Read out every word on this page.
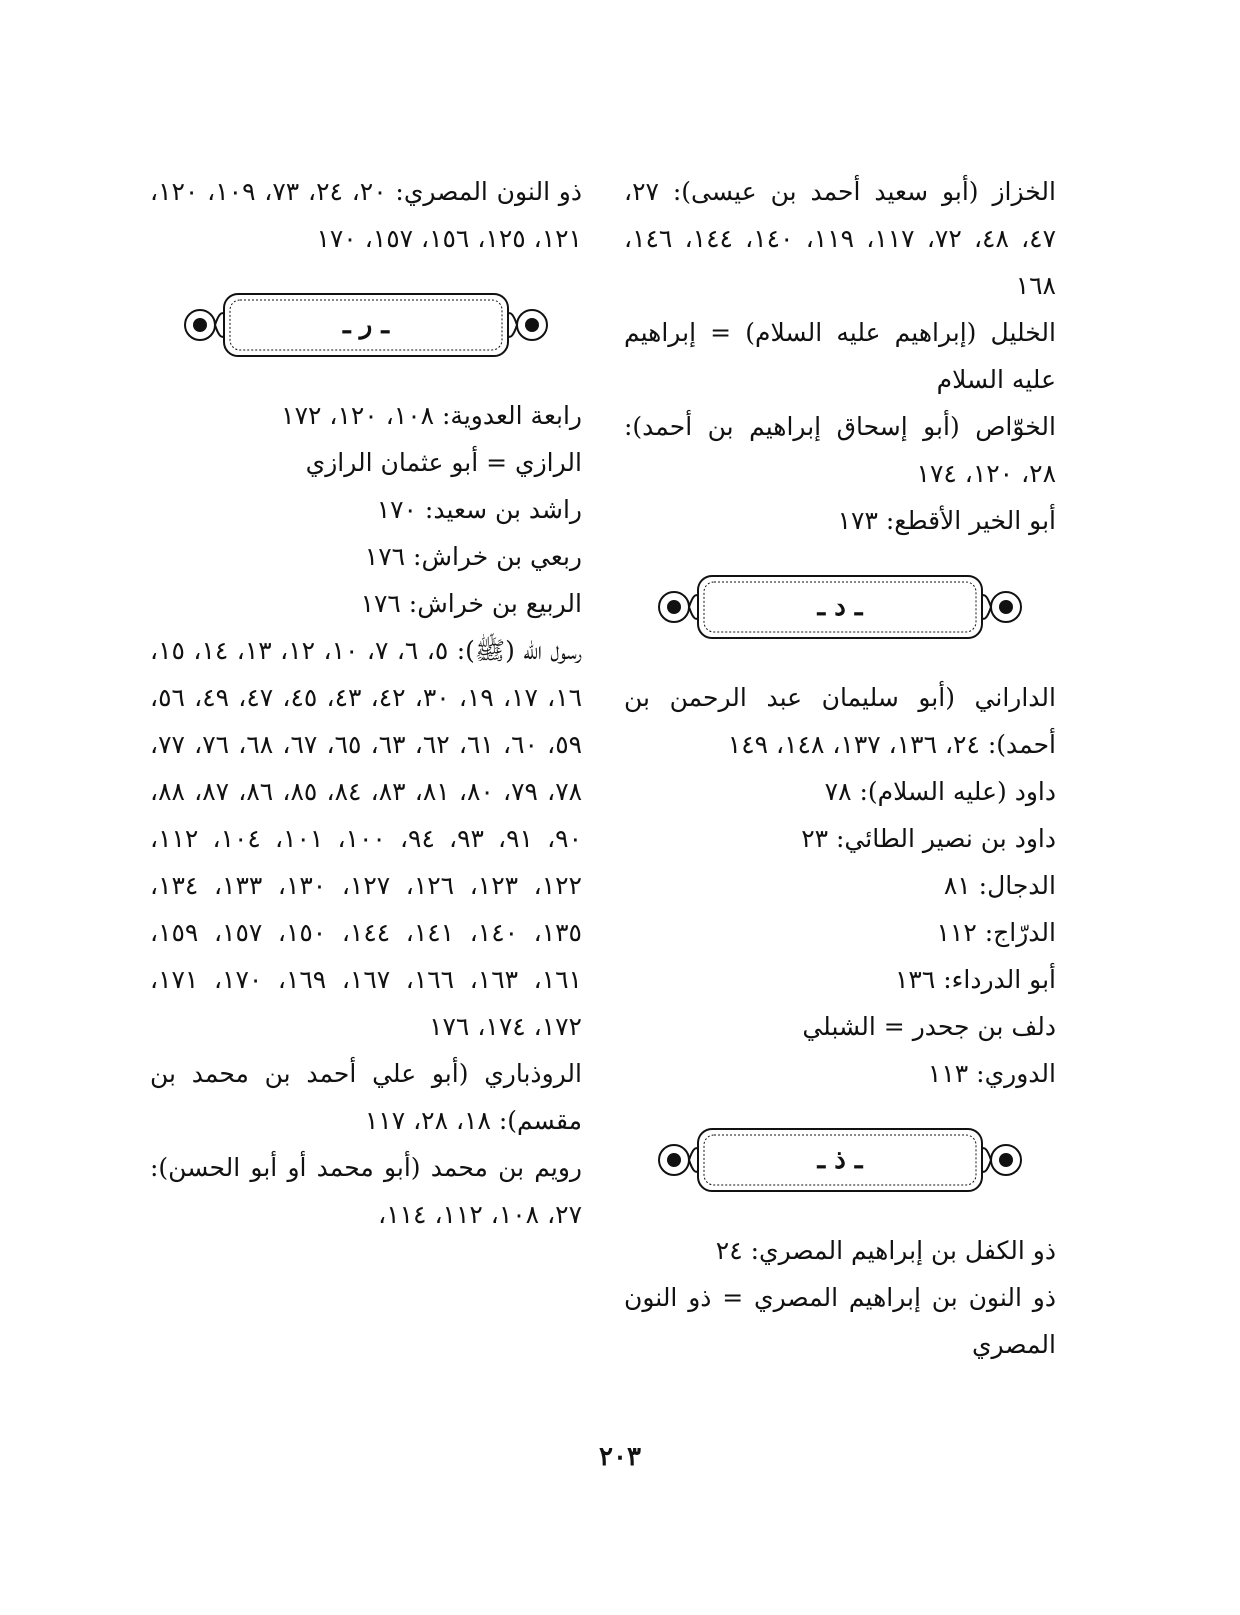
الخزاز (أبو سعيد أحمد بن عيسى): ٢٧، ٤٧، ٤٨، ٧٢، ١١٧، ١١٩، ١٤٠، ١٤٤، ١٤٦، ١٦٨

الخليل (إبراهيم عليه السلام) = إبراهيم عليه السلام

الخوّاص (أبو إسحاق إبراهيم بن أحمد): ٢٨، ١٢٠، ١٧٤

أبو الخير الأقطع: ١٧٣

ـ د ـ

الداراني (أبو سليمان عبد الرحمن بن أحمد): ٢٤، ١٣٦، ١٣٧، ١٤٨، ١٤٩

داود (عليه السلام): ٧٨

داود بن نصير الطائي: ٢٣

الدجال: ٨١

الدرّاج: ١١٢

أبو الدرداء: ١٣٦

دلف بن جحدر = الشبلي

الدوري: ١١٣

ـ ذ ـ

ذو الكفل بن إبراهيم المصري: ٢٤

ذو النون بن إبراهيم المصري = ذو النون المصري

ذو النون المصري: ٢٠، ٢٤، ٧٣، ١٠٩، ١٢٠، ١٢١، ١٢٥، ١٥٦، ١٥٧، ١٧٠

ـ ر ـ

رابعة العدوية: ١٠٨، ١٢٠، ١٧٢

الرازي = أبو عثمان الرازي

راشد بن سعيد: ١٧٠

ربعي بن خراش: ١٧٦

الربيع بن خراش: ١٧٦

رسول الله (ﷺ): ٥، ٦، ٧، ١٠، ١٢، ١٣، ١٤، ١٥، ١٦، ١٧، ١٩، ٣٠، ٤٢، ٤٣، ٤٥، ٤٧، ٤٩، ٥٦، ٥٩، ٦٠، ٦١، ٦٢، ٦٣، ٦٥، ٦٧، ٦٨، ٧٦، ٧٧، ٧٨، ٧٩، ٨٠، ٨١، ٨٣، ٨٤، ٨٥، ٨٦، ٨٧، ٨٨، ٩٠، ٩١، ٩٣، ٩٤، ١٠٠، ١٠١، ١٠٤، ١١٢، ١٢٢، ١٢٣، ١٢٦، ١٢٧، ١٣٠، ١٣٣، ١٣٤، ١٣٥، ١٤٠، ١٤١، ١٤٤، ١٥٠، ١٥٧، ١٥٩، ١٦١، ١٦٣، ١٦٦، ١٦٧، ١٦٩، ١٧٠، ١٧١، ١٧٢، ١٧٤، ١٧٦

الروذباري (أبو علي أحمد بن محمد بن مقسم): ١٨، ٢٨، ١١٧

رويم بن محمد (أبو محمد أو أبو الحسن): ٢٧، ١٠٨، ١١٢، ١١٤،

٢٠٣
